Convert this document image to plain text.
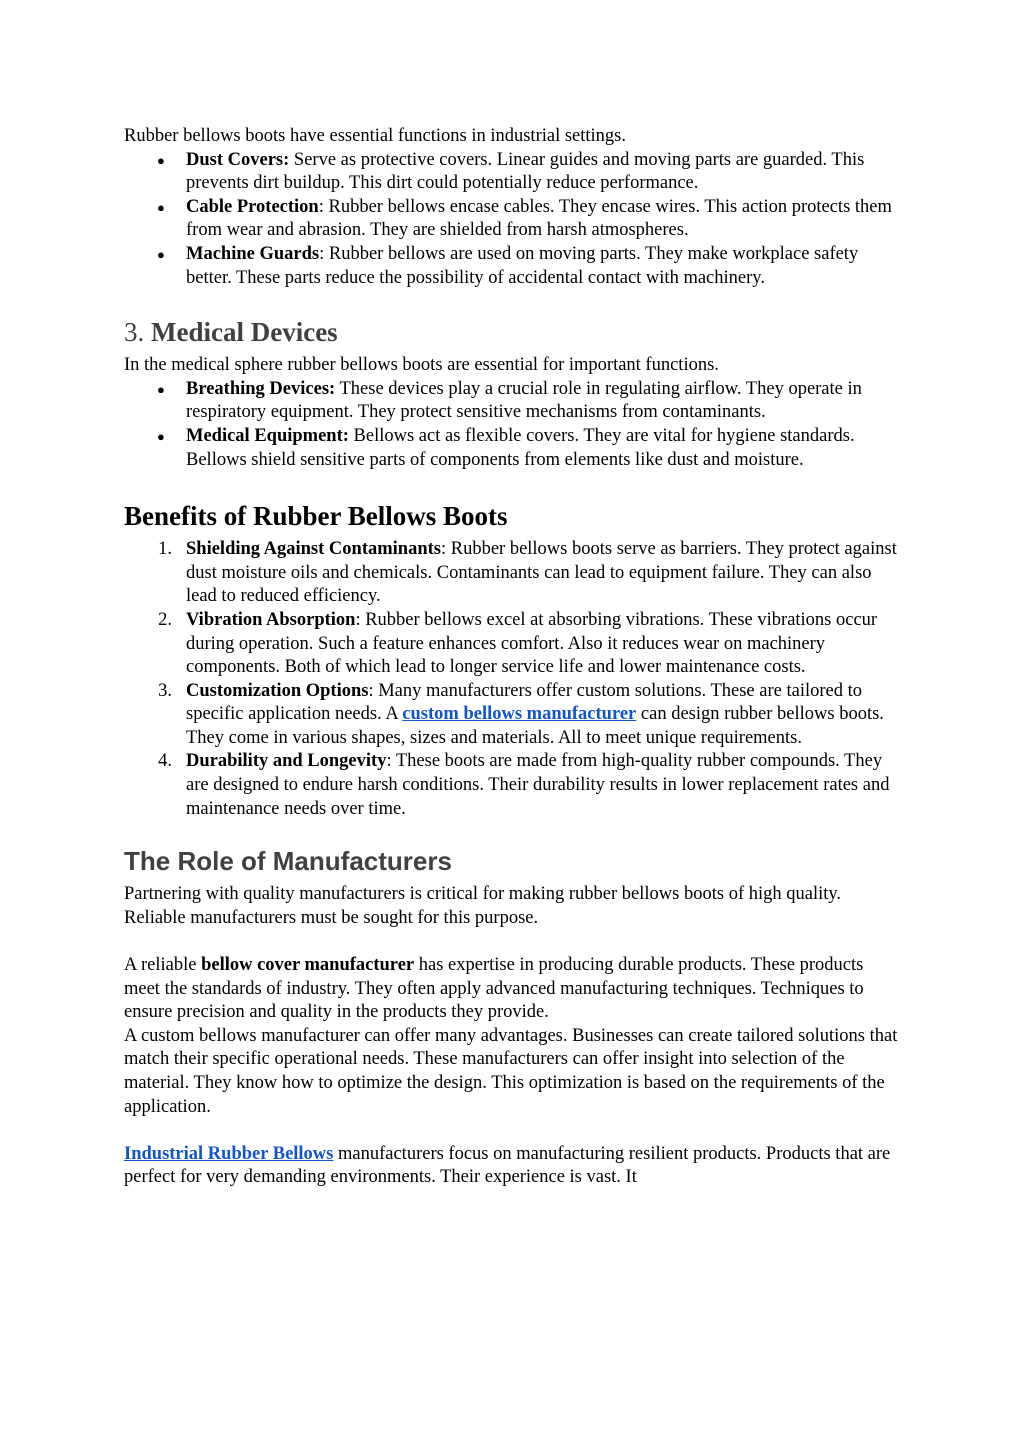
Rubber bellows boots have essential functions in industrial settings.

● Dust Covers: Serve as protective covers. Linear guides and moving parts are guarded. This prevents dirt buildup. This dirt could potentially reduce performance.
● Cable Protection: Rubber bellows encase cables. They encase wires. This action protects them from wear and abrasion. They are shielded from harsh atmospheres.
● Machine Guards: Rubber bellows are used on moving parts. They make workplace safety better. These parts reduce the possibility of accidental contact with machinery.
3. Medical Devices

In the medical sphere rubber bellows boots are essential for important functions.

● Breathing Devices: These devices play a crucial role in regulating airflow. They operate in respiratory equipment. They protect sensitive mechanisms from contaminants.
● Medical Equipment: Bellows act as flexible covers. They are vital for hygiene standards. Bellows shield sensitive parts of components from elements like dust and moisture.
Benefits of Rubber Bellows Boots
1. Shielding Against Contaminants: Rubber bellows boots serve as barriers. They protect against dust moisture oils and chemicals. Contaminants can lead to equipment failure. They can also lead to reduced efficiency.
2. Vibration Absorption: Rubber bellows excel at absorbing vibrations. These vibrations occur during operation. Such a feature enhances comfort. Also it reduces wear on machinery components. Both of which lead to longer service life and lower maintenance costs.
3. Customization Options: Many manufacturers offer custom solutions. These are tailored to specific application needs. A custom bellows manufacturer can design rubber bellows boots. They come in various shapes, sizes and materials. All to meet unique requirements.
4. Durability and Longevity: These boots are made from high-quality rubber compounds. They are designed to endure harsh conditions. Their durability results in lower replacement rates and maintenance needs over time.
The Role of Manufacturers

Partnering with quality manufacturers is critical for making rubber bellows boots of high quality. Reliable manufacturers must be sought for this purpose.

A reliable bellow cover manufacturer has expertise in producing durable products. These products meet the standards of industry. They often apply advanced manufacturing techniques. Techniques to ensure precision and quality in the products they provide.

A custom bellows manufacturer can offer many advantages. Businesses can create tailored solutions that match their specific operational needs. These manufacturers can offer insight into selection of the material. They know how to optimize the design. This optimization is based on the requirements of the application.

Industrial Rubber Bellows manufacturers focus on manufacturing resilient products. Products that are perfect for very demanding environments. Their experience is vast. It
